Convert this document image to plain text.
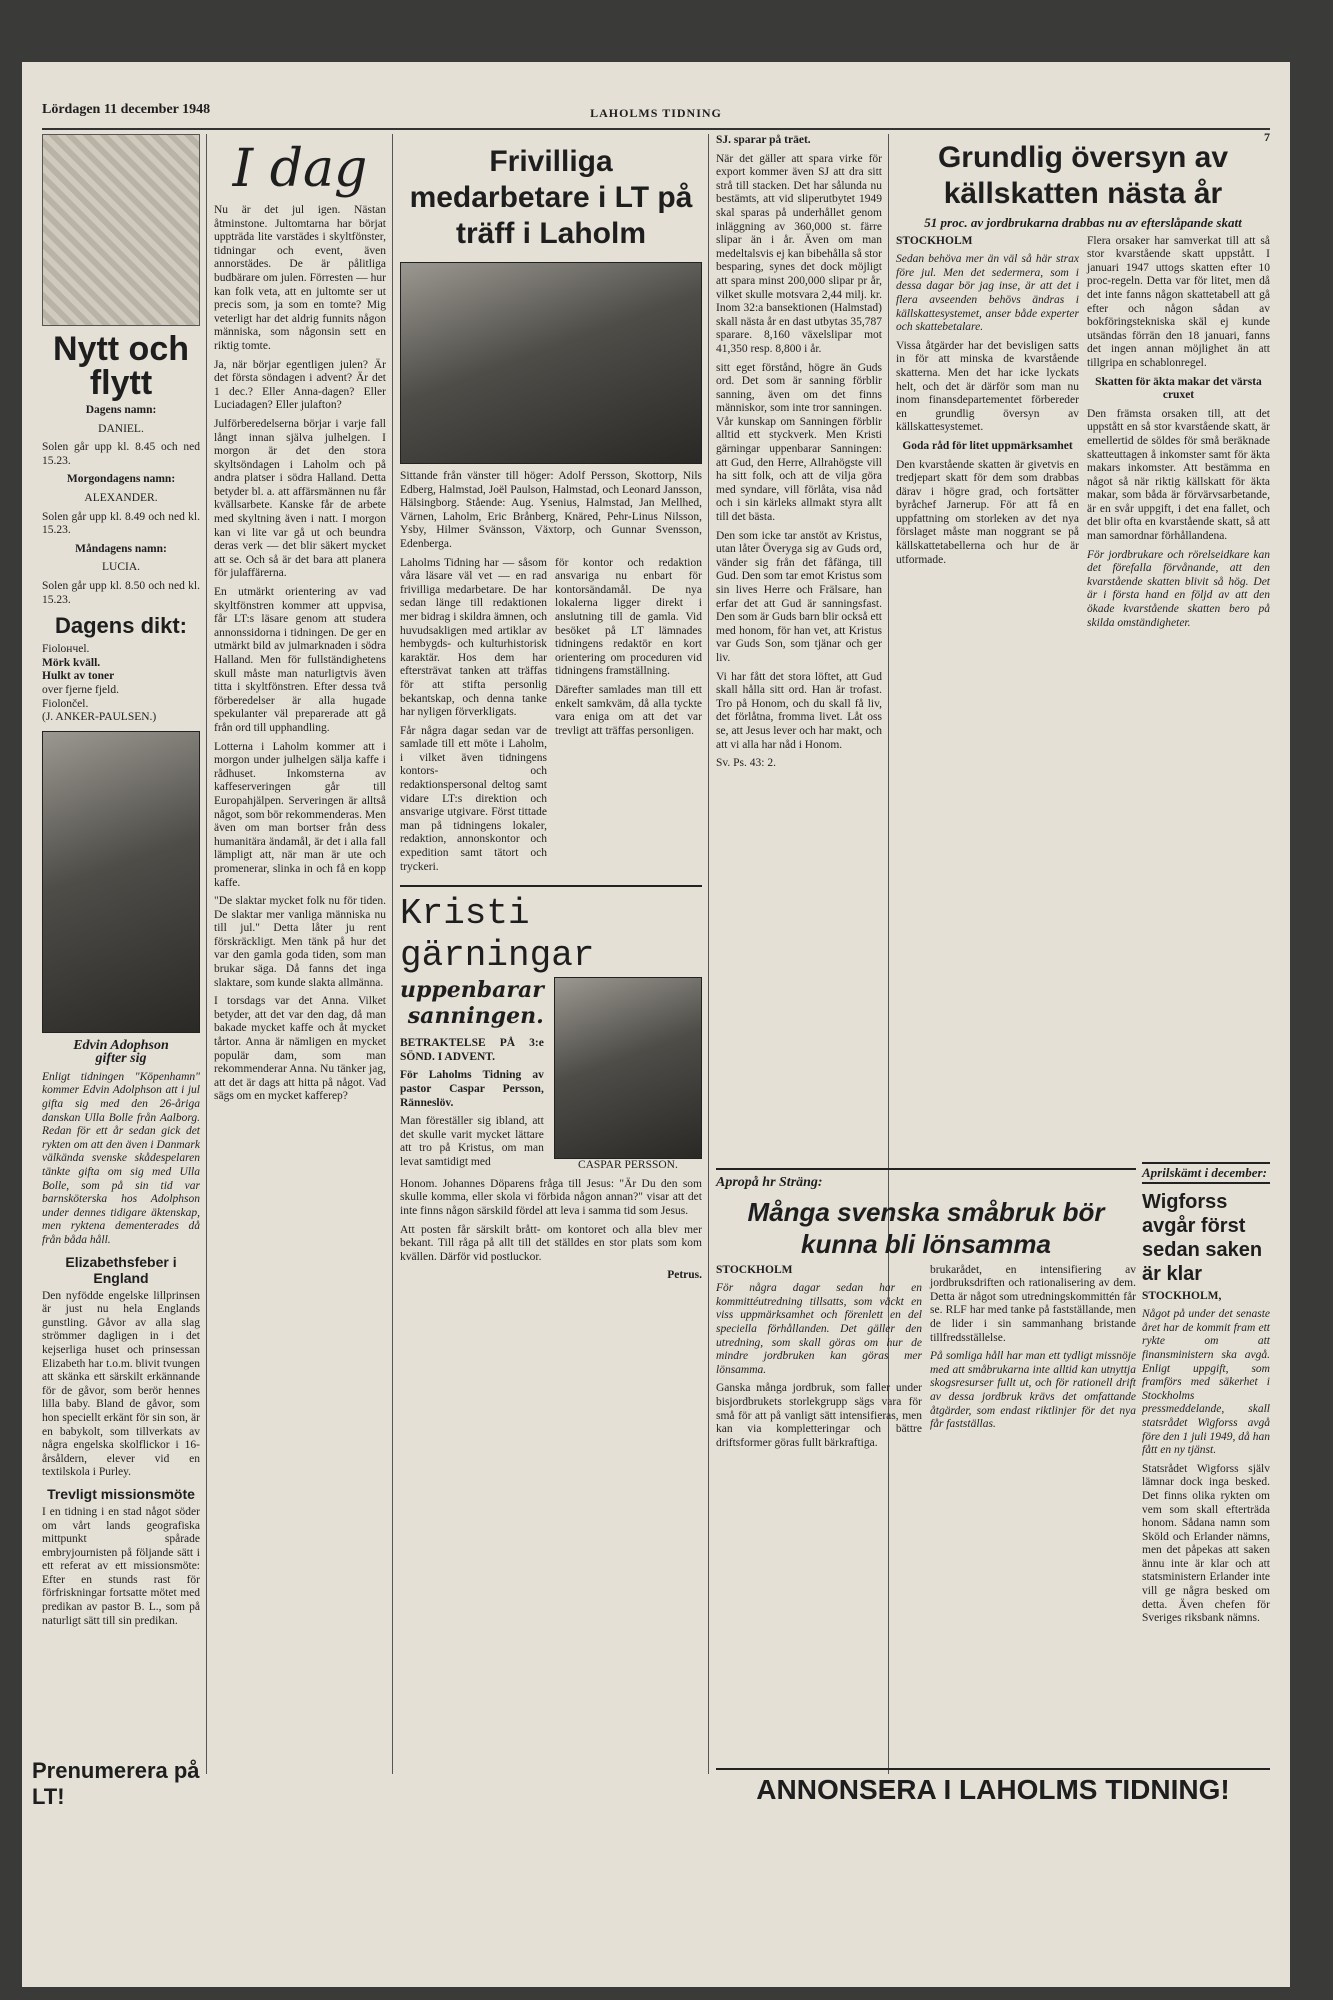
Lördagen 11 december 1948	LAHOLMS TIDNING
7
Nytt och flytt

Dagens namn:

DANIEL.

Solen går upp kl. 8.45 och ned 15.23.

Morgondagens namn:

ALEXANDER.

Solen går upp kl. 8.49 och ned kl. 15.23.

Måndagens namn:

LUCIA.

Solen går upp kl. 8.50 och ned kl. 15.23.

Dagens dikt:

Fiolончel.

Mörk kväll.

Hulkt av toner

over fjerne fjeld.

Fiolončel.

(J. ANKER-PAULSEN.)

Edvin Adophson

gifter sig

Enligt tidningen "Köpenhamn" kommer Edvin Adolphson att i jul gifta sig med den 26-åriga danskan Ulla Bolle från Aalborg. Redan för ett år sedan gick det rykten om att den även i Danmark välkända svenske skådespelaren tänkte gifta om sig med Ulla Bolle, som på sin tid var barnsköterska hos Adolphson under dennes tidigare äktenskap, men ryktena dementerades då från båda håll.

Elizabethsfeber i England

Den nyfödde engelske lillprinsen är just nu hela Englands gunstling. Gåvor av alla slag strömmer dagligen in i det kejserliga huset och prinsessan Elizabeth har t.o.m. blivit tvungen att skänka ett särskilt erkännande för de gåvor, som berör hennes lilla baby. Bland de gåvor, som hon speciellt erkänt för sin son, är en babykolt, som tillverkats av några engelska skolflickor i 16-årsåldern, elever vid en textilskola i Purley.

Trevligt missionsmöte

I en tidning i en stad något söder om vårt lands geografiska mittpunkt spårade embryjournisten på följande sätt i ett referat av ett missionsmöte: Efter en stunds rast för förfriskningar fortsatte mötet med predikan av pastor B. L., som på naturligt sätt till sin predikan.

Prenumerera på LT!
I dag

Nu är det jul igen. Nästan åtminstone. Jultomtarna har börjat uppträda lite varstädes i skyltfönster, tidningar och event, även annorstädes. De är pålitliga budbärare om julen. Förresten — hur kan folk veta, att en jultomte ser ut precis som, ja som en tomte? Mig veterligt har det aldrig funnits någon människa, som någonsin sett en riktig tomte.

Ja, när börjar egentligen julen? Är det första söndagen i advent? Är det 1 dec.? Eller Anna-dagen? Eller Luciadagen? Eller julafton?

Julförberedelserna börjar i varje fall långt innan själva julhelgen. I morgon är det den stora skyltsöndagen i Laholm och på andra platser i södra Halland. Detta betyder bl. a. att affärsmännen nu får kvällsarbete. Kanske får de arbete med skyltning även i natt. I morgon kan vi lite var gå ut och beundra deras verk — det blir säkert mycket att se. Och så är det bara att planera för julaffärerna.

En utmärkt orientering av vad skyltfönstren kommer att uppvisa, får LT:s läsare genom att studera annonssidorna i tidningen. De ger en utmärkt bild av julmarknaden i södra Halland. Men för fullständighetens skull måste man naturligtvis även titta i skyltfönstren. Efter dessa två förberedelser är alla hugade spekulanter väl preparerade att gå från ord till upphandling.

Lotterna i Laholm kommer att i morgon under julhelgen sälja kaffe i rådhuset. Inkomsterna av kaffeserveringen går till Europahjälpen. Serveringen är alltså något, som bör rekommenderas. Men även om man bortser från dess humanitära ändamål, är det i alla fall lämpligt att, när man är ute och promenerar, slinka in och få en kopp kaffe.

"De slaktar mycket folk nu för tiden. De slaktar mer vanliga människa nu till jul." Detta låter ju rent förskräckligt. Men tänk på hur det var den gamla goda tiden, som man brukar säga. Då fanns det inga slaktare, som kunde slakta allmänna.

I torsdags var det Anna. Vilket betyder, att det var den dag, då man bakade mycket kaffe och åt mycket tårtor. Anna är nämligen en mycket populär dam, som man rekommenderar Anna. Nu tänker jag, att det är dags att hitta på något. Vad sägs om en mycket kafferep?

Frivilliga medarbetare i LT på träff i Laholm

Sittande från vänster till höger: Adolf Persson, Skottorp, Nils Edberg, Halmstad, Joël Paulson, Halmstad, och Leonard Jansson, Hälsingborg. Stående: Aug. Ysenius, Halmstad, Jan Mellhed, Värnen, Laholm, Eric Brånberg, Knäred, Pehr-Linus Nilsson, Ysby, Hilmer Svänsson, Växtorp, och Gunnar Svensson, Edenberga.

Laholms Tidning har — såsom våra läsare väl vet — en rad frivilliga medarbetare. De har sedan länge till redaktionen mer bidrag i skildra ämnen, och huvudsakligen med artiklar av hembygds- och kulturhistorisk karaktär. Hos dem har eftersträvat tanken att träffas för att stifta personlig bekantskap, och denna tanke har nyligen förverkligats.

Får några dagar sedan var de samlade till ett möte i Laholm, i vilket även tidningens kontors- och redaktionspersonal deltog samt vidare LT:s direktion och ansvarige utgivare. Först tittade man på tidningens lokaler, redaktion, annonskontor och expedition samt tätort och tryckeri.

för kontor och redaktion ansvariga nu enbart för kontorsändamål. De nya lokalerna ligger direkt i anslutning till de gamla. Vid besöket på LT lämnades tidningens redaktör en kort orientering om proceduren vid tidningens framställning.

Därefter samlades man till ett enkelt samkväm, då alla tyckte vara eniga om att det var trevligt att träffas personligen.

Kristi gärningar
uppenbarar
sanningen.

BETRAKTELSE PÅ 3:e SÖND. I ADVENT.

För Laholms Tidning av pastor Caspar Persson, Ränneslöv.

Man föreställer sig ibland, att det skulle varit mycket lättare att tro på Kristus, om man levat samtidigt med	CASPAR PERSSON.

Honom. Johannes Döparens fråga till Jesus: "Är Du den som skulle komma, eller skola vi förbida någon annan?" visar att det inte finns någon särskild fördel att leva i samma tid som Jesus.

Att posten får särskilt brått- om kontoret och alla blev mer bekant. Till råga på allt till det ställdes en stor plats som kom kvällen. Därför vid postluckor.

Petrus.

SJ. sparar på träet.

När det gäller att spara virke för export kommer även SJ att dra sitt strå till stacken. Det har sålunda nu bestämts, att vid sliperutbytet 1949 skal sparas på underhållet genom inläggning av 360,000 st. färre slipar än i år. Även om man medeltalsvis ej kan bibehålla så stor besparing, synes det dock möjligt att spara minst 200,000 slipar pr år, vilket skulle motsvara 2,44 milj. kr. Inom 32:a bansektionen (Halmstad) skall nästa år en dast utbytas 35,787 sparare. 8,160 växelslipar mot 41,350 resp. 8,800 i år.

sitt eget förstånd, högre än Guds ord. Det som är sanning förblir sanning, även om det finns människor, som inte tror sanningen. Vår kunskap om Sanningen förblir alltid ett styckverk. Men Kristi gärningar uppenbarar Sanningen: att Gud, den Herre, Allrahögste vill ha sitt folk, och att de vilja göra med syndare, vill förlåta, visa nåd och i sin kärleks allmakt styra allt till det bästa.

Den som icke tar anstöt av Kristus, utan låter Överyga sig av Guds ord, vänder sig från det fåfänga, till Gud. Den som tar emot Kristus som sin lives Herre och Frälsare, han erfar det att Gud är sanningsfast. Den som är Guds barn blir också ett med honom, för han vet, att Kristus var Guds Son, som tjänar och ger liv.

Vi har fått det stora löftet, att Gud skall hålla sitt ord. Han är trofast. Tro på Honom, och du skall få liv, det förlåtna, fromma livet. Låt oss se, att Jesus lever och har makt, och att vi alla har nåd i Honom.

Sv. Ps. 43: 2.

Apropå hr Sträng:

Många svenska småbruk bör kunna bli lönsamma

STOCKHOLM

För några dagar sedan har en kommittéutredning tillsatts, som väckt en viss uppmärksamhet och förenlett en del speciella förhållanden. Det gäller den utredning, som skall göras om hur de mindre jordbruken kan göras mer lönsamma.

Ganska många jordbruk, som faller under bisjordbrukets storlekgrupp sägs vara för små för att på vanligt sätt intensifieras, men kan via kompletteringar och bättre driftsformer göras fullt bärkraftiga.

brukarådet, en intensifiering av jordbruksdriften och rationalisering av dem. Detta är något som utredningskommittén får se. RLF har med tanke på fastställande, men de lider i sin sammanhang bristande tillfredsställelse.

På somliga håll har man ett tydligt missnöje med att småbrukarna inte alltid kan utnyttja skogsresurser fullt ut, och för rationell drift av dessa jordbruk krävs det omfattande åtgärder, som endast riktlinjer för det nya får fastställas.

Grundlig översyn av källskatten nästa år

51 proc. av jordbrukarna drabbas nu av efterslåpande skatt

STOCKHOLM

Sedan behöva mer än väl så här strax före jul. Men det sedermera, som i dessa dagar bör jag inse, är att det i flera avseenden behövs ändras i källskattesystemet, anser både experter och skattebetalare.

Vissa åtgärder har det bevisligen satts in för att minska de kvarstående skatterna. Men det har icke lyckats helt, och det är därför som man nu inom finansdepartementet förbereder en grundlig översyn av källskattesystemet.

Goda råd för litet uppmärksamhet

Den kvarstående skatten är givetvis en tredjepart skatt för dem som drabbas därav i högre grad, och fortsätter byråchef Jarnerup. För att få en uppfattning om storleken av det nya förslaget måste man noggrant se på källskattetabellerna och hur de är utformade.

Flera orsaker har samverkat till att så stor kvarstående skatt uppstått. I januari 1947 uttogs skatten efter 10 proc-regeln. Detta var för litet, men då det inte fanns någon skattetabell att gå efter och någon sådan av bokföringstekniska skäl ej kunde utsändas förrän den 18 januari, fanns det ingen annan möjlighet än att tillgripa en schablonregel.

Skatten för äkta makar det värsta cruxet

Den främsta orsaken till, att det uppstått en så stor kvarstående skatt, är emellertid de söldes för små beräknade skatteuttagen å inkomster samt för äkta makars inkomster. Att bestämma en något så när riktig källskatt för äkta makar, som båda är förvärvsarbetande, är en svår uppgift, i det ena fallet, och det blir ofta en kvarstående skatt, så att man samordnar förhållandena.

För jordbrukare och rörelseidkare kan det förefalla förvånande, att den kvarstående skatten blivit så hög. Det är i första hand en följd av att den ökade kvarstående skatten bero på skilda omständigheter.

Aprilskämt i december:

Wigforss avgår först sedan saken är klar

STOCKHOLM,

Något på under det senaste året har de kommit fram ett rykte om att finansministern ska avgå. Enligt uppgift, som framförs med säkerhet i Stockholms pressmeddelande, skall statsrådet Wigforss avgå före den 1 juli 1949, då han fått en ny tjänst.

Statsrådet Wigforss själv lämnar dock inga besked. Det finns olika rykten om vem som skall efterträda honom. Sådana namn som Sköld och Erlander nämns, men det påpekas att saken ännu inte är klar och att statsministern Erlander inte vill ge några besked om detta. Även chefen för Sveriges riksbank nämns.

ANNONSERA I LAHOLMS TIDNING!
